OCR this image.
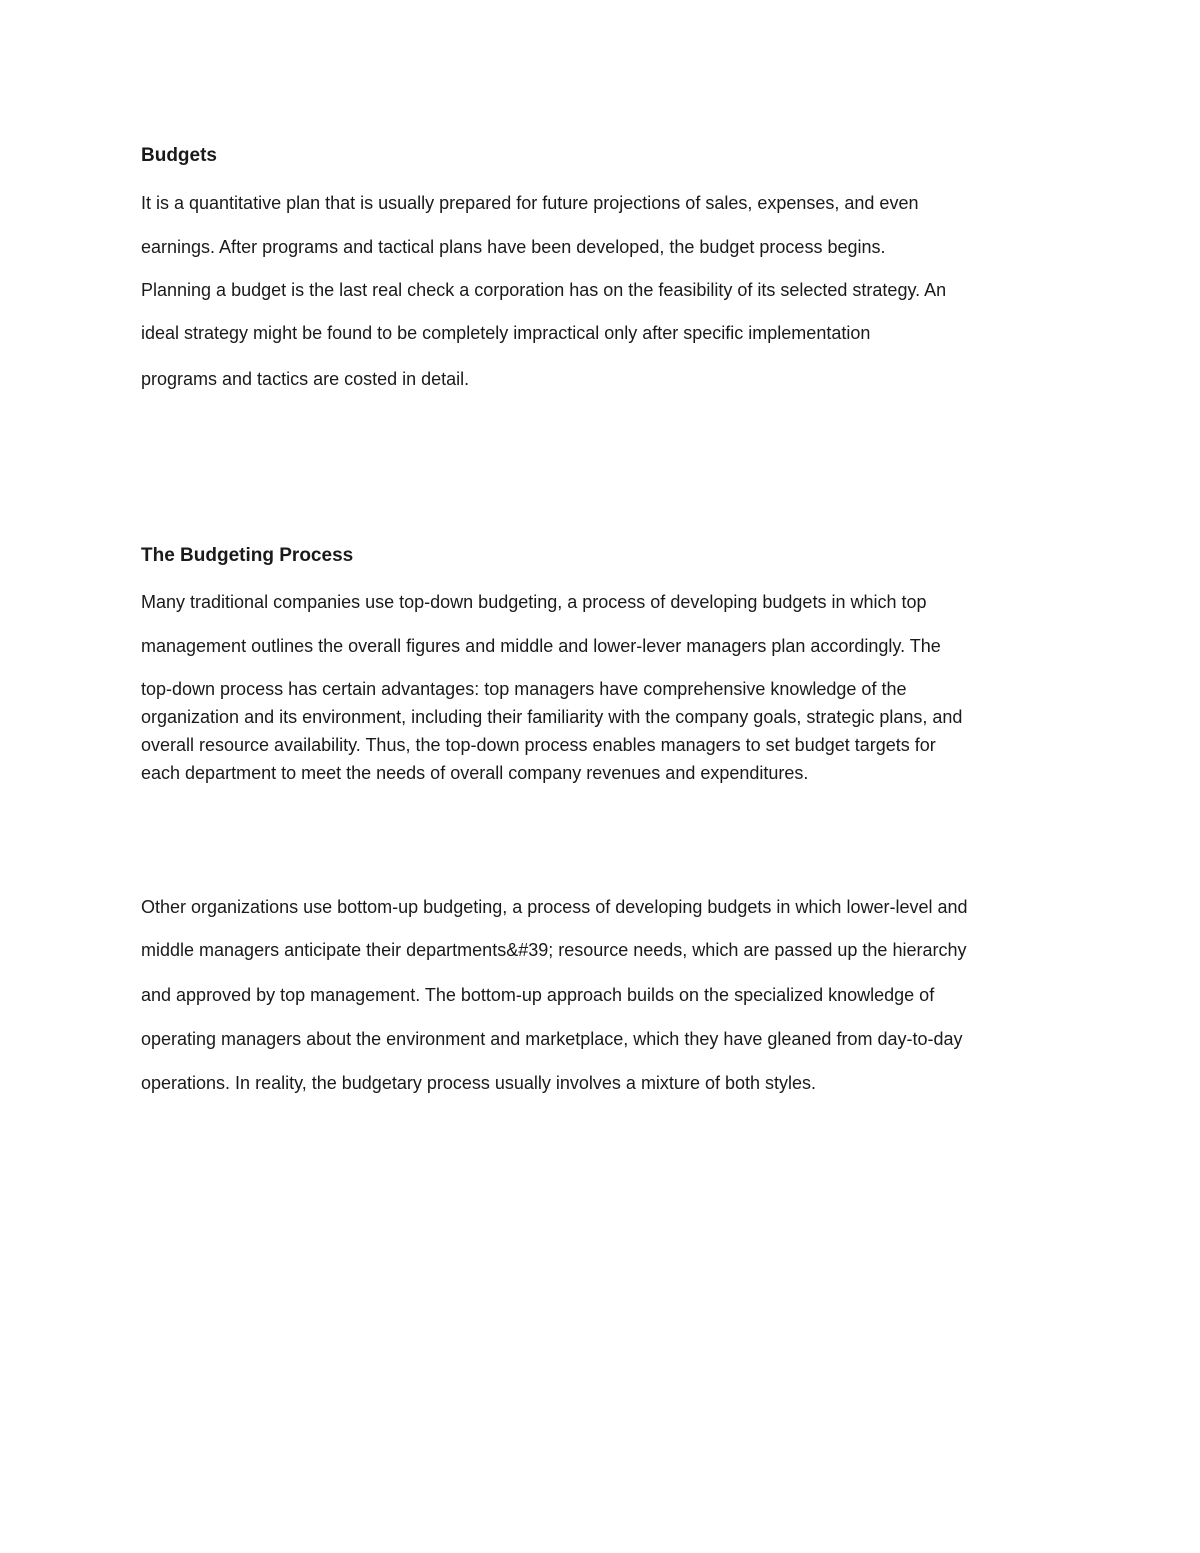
Budgets

It is a quantitative plan that is usually prepared for future projections of sales, expenses, and even

earnings. After programs and tactical plans have been developed, the budget process begins.

Planning a budget is the last real check a corporation has on the feasibility of its selected strategy. An

ideal strategy might be found to be completely impractical only after specific implementation

programs and tactics are costed in detail.

The Budgeting Process

Many traditional companies use top-down budgeting, a process of developing budgets in which top

management outlines the overall figures and middle and lower-lever managers plan accordingly. The

top-down process has certain advantages: top managers have comprehensive knowledge of the

organization and its environment, including their familiarity with the company goals, strategic plans, and

overall resource availability. Thus, the top-down process enables managers to set budget targets for

each department to meet the needs of overall company revenues and expenditures.

Other organizations use bottom-up budgeting, a process of developing budgets in which lower-level and

middle managers anticipate their departments&#39; resource needs, which are passed up the hierarchy

and approved by top management. The bottom-up approach builds on the specialized knowledge of

operating managers about the environment and marketplace, which they have gleaned from day-to-day

operations. In reality, the budgetary process usually involves a mixture of both styles.
